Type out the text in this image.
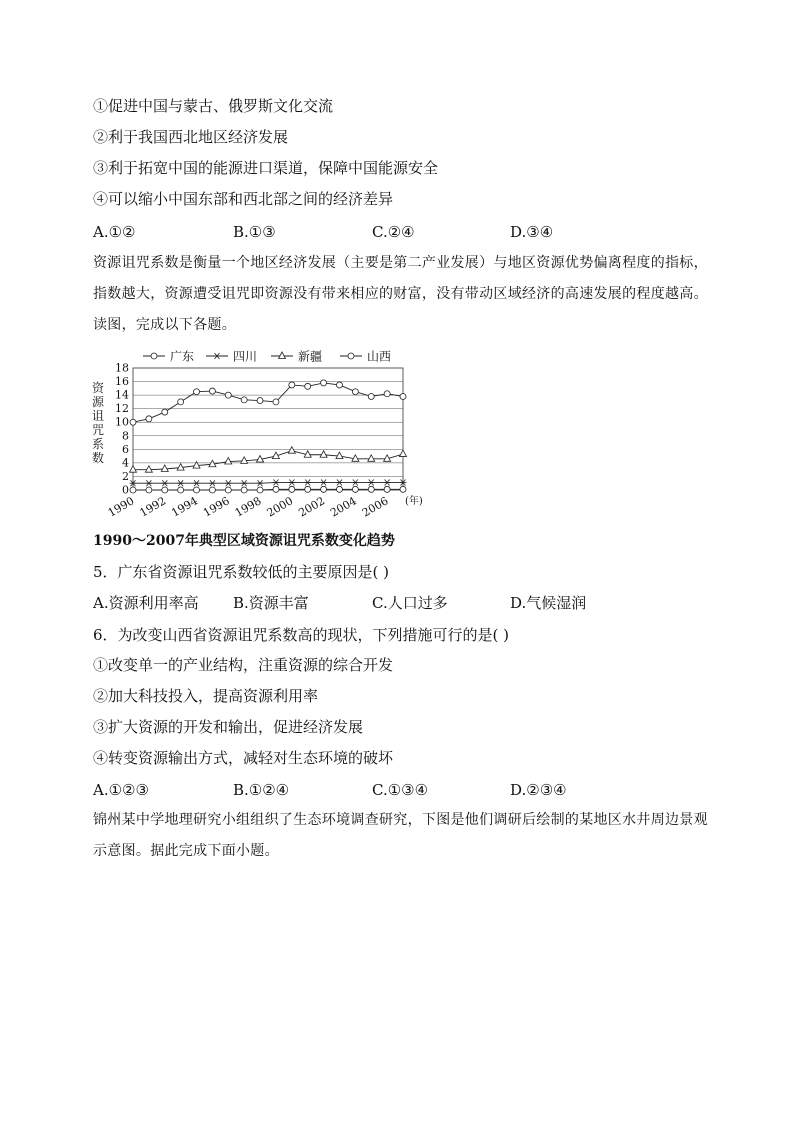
①促进中国与蒙古、俄罗斯文化交流
②利于我国西北地区经济发展
③利于拓宽中国的能源进口渠道，保障中国能源安全
④可以缩小中国东部和西北部之间的经济差异
A.①②	B.①③	C.②④	D.③④
资源诅咒系数是衡量一个地区经济发展（主要是第二产业发展）与地区资源优势偏离程度的指标，指数越大，资源遭受诅咒即资源没有带来相应的财富，没有带动区域经济的高速发展的程度越高。读图，完成以下各题。
0
2
4
6
8
10
12
14
16
18
1990 1992 1994 1996 1998 2000 2002 2004 2006 (年)
资
源
诅
咒
系
数
广东	四川	新疆	山西
1990～2007年典型区域资源诅咒系数变化趋势
5．广东省资源诅咒系数较低的主要原因是( )
A.资源利用率高 B.资源丰富	C.人口过多	D.气候湿润
6．为改变山西省资源诅咒系数高的现状，下列措施可行的是( )
①改变单一的产业结构，注重资源的综合开发
②加大科技投入，提高资源利用率
③扩大资源的开发和输出，促进经济发展
④转变资源输出方式，减轻对生态环境的破坏
A.①②③	B.①②④	C.①③④	D.②③④
锦州某中学地理研究小组组织了生态环境调查研究，下图是他们调研后绘制的某地区水井周边景观示意图。据此完成下面小题。
